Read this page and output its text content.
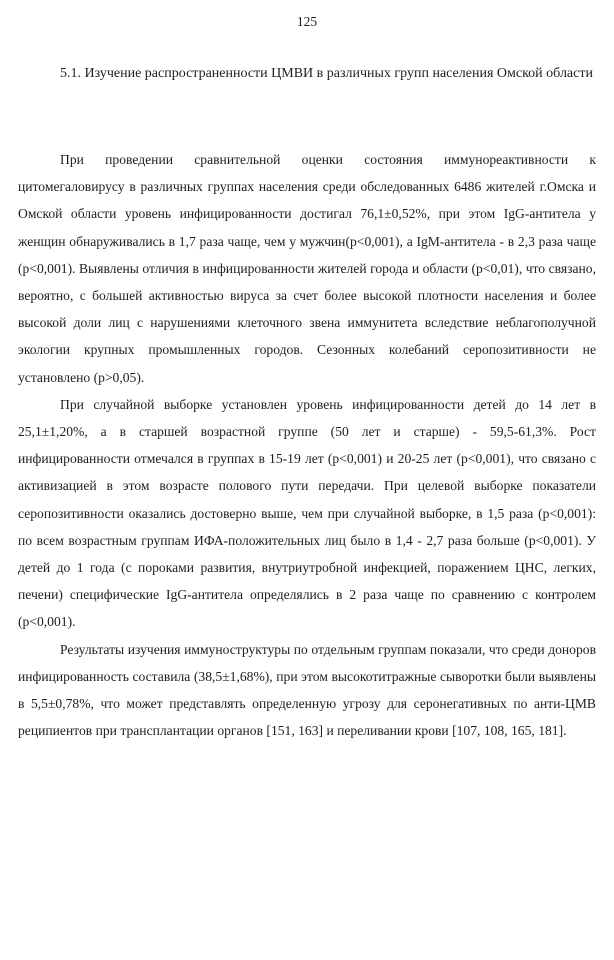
125

5.1. Изучение распространенности ЦМВИ в различных групп населения Омской области

При проведении сравнительной оценки состояния иммунореактивности к цитомегаловирусу в различных группах населения среди обследованных 6486 жителей г.Омска и Омской области уровень инфицированности достигал 76,1±0,52%, при этом IgG-антитела у женщин обнаруживались в 1,7 раза чаще, чем у мужчин(p<0,001), а IgM-антитела - в 2,3 раза чаще (p<0,001). Выявлены отличия в инфицированности жителей города и области (p<0,01), что связано, вероятно, с большей активностью вируса за счет более высокой плотности населения и более высокой доли лиц с нарушениями клеточного звена иммунитета вследствие неблагополучной экологии крупных промышленных городов. Сезонных колебаний серопозитивности не установлено (p>0,05).

При случайной выборке установлен уровень инфицированности детей до 14 лет в 25,1±1,20%, а в старшей возрастной группе (50 лет и старше) - 59,5-61,3%. Рост инфицированности отмечался в группах в 15-19 лет (p<0,001) и 20-25 лет (p<0,001), что связано с активизацией в этом возрасте полового пути передачи. При целевой выборке показатели серопозитивности оказались достоверно выше, чем при случайной выборке, в 1,5 раза (p<0,001): по всем возрастным группам ИФА-положительных лиц было в 1,4 - 2,7 раза больше (p<0,001). У детей до 1 года (с пороками развития, внутриутробной инфекцией, поражением ЦНС, легких, печени) специфические IgG-антитела определялись в 2 раза чаще по сравнению с контролем (p<0,001).

Результаты изучения иммуноструктуры по отдельным группам показали, что среди доноров инфицированность составила (38,5±1,68%), при этом высокотитражные сыворотки были выявлены в 5,5±0,78%, что может представлять определенную угрозу для серонегативных по анти-ЦМВ реципиентов при трансплантации органов [151, 163] и переливании крови [107, 108, 165, 181].
